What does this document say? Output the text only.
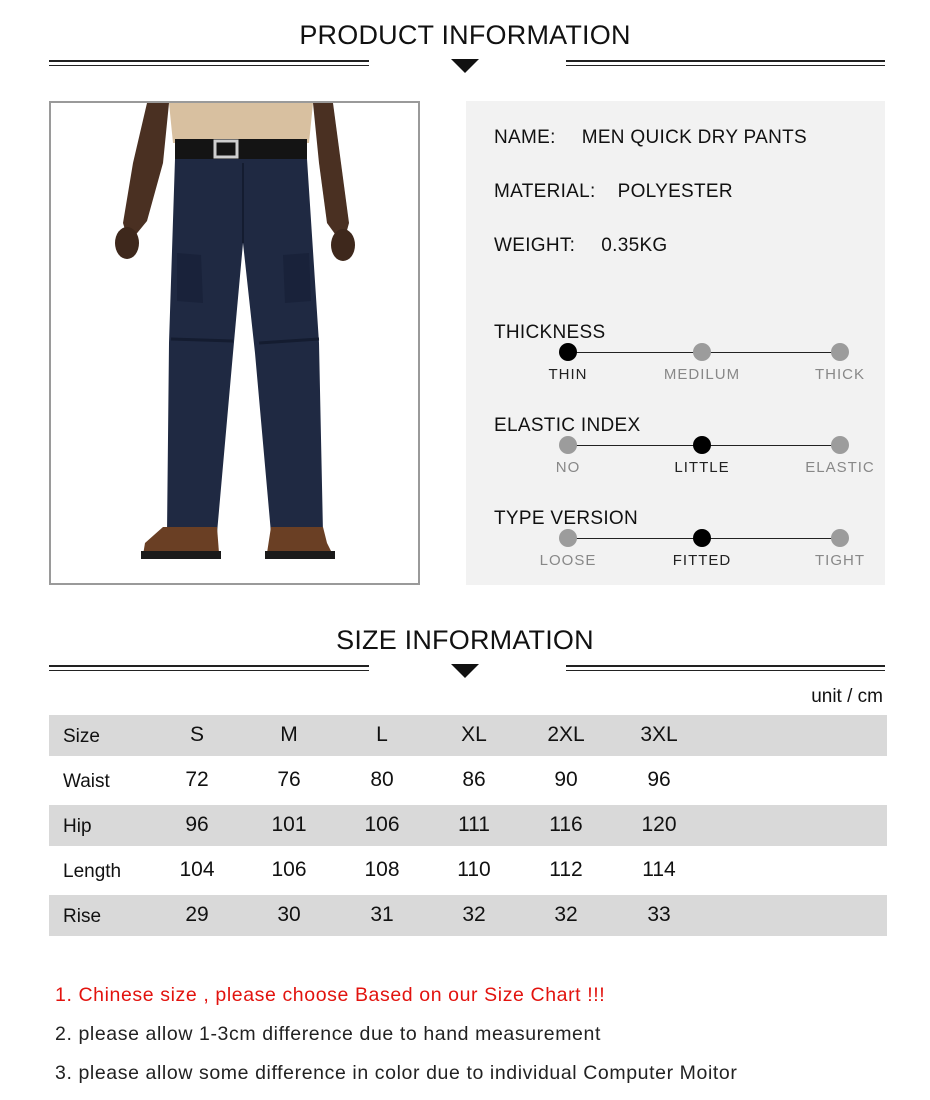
PRODUCT INFORMATION
NAME: MEN QUICK DRY PANTS
MATERIAL: POLYESTER
WEIGHT: 0.35KG
THICKNESS
THIN	MEDILUM	THICK
ELASTIC INDEX
NO	LITTLE	ELASTIC
TYPE VERSION
LOOSE	FITTED	TIGHT
SIZE INFORMATION
unit / cm
Size	S	M	L	XL	2XL	3XL
Waist	72	76	80	86	90	96
Hip	96	101	106	111	116	120
Length	104	106	108	110	112	114
Rise	29	30	31	32	32	33
1. Chinese size , please choose Based on our Size Chart !!!
2. please allow 1-3cm difference due to hand measurement
3. please allow some difference in color due to individual Computer Moitor
